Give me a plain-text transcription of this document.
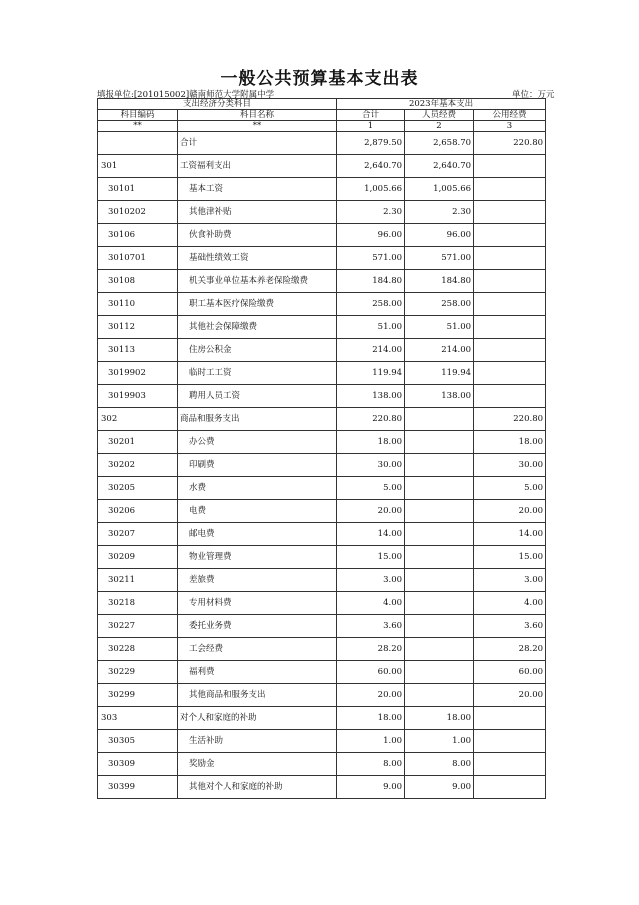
一般公共预算基本支出表
填报单位:[201015002]赣南师范大学附属中学	单位：万元
支出经济分类科目		2023年基本支出		
科目编码	科目名称	合计	人员经费	公用经费
**	**	1	2	3
	合计	2,879.50	2,658.70	220.80
301	工资福利支出	2,640.70	2,640.70	
30101	基本工资	1,005.66	1,005.66	
3010202	其他津补贴	2.30	2.30	
30106	伙食补助费	96.00	96.00	
3010701	基础性绩效工资	571.00	571.00	
30108	机关事业单位基本养老保险缴费	184.80	184.80	
30110	职工基本医疗保险缴费	258.00	258.00	
30112	其他社会保障缴费	51.00	51.00	
30113	住房公积金	214.00	214.00	
3019902	临时工工资	119.94	119.94	
3019903	聘用人员工资	138.00	138.00	
302	商品和服务支出	220.80		220.80
30201	办公费	18.00		18.00
30202	印刷费	30.00		30.00
30205	水费	5.00		5.00
30206	电费	20.00		20.00
30207	邮电费	14.00		14.00
30209	物业管理费	15.00		15.00
30211	差旅费	3.00		3.00
30218	专用材料费	4.00		4.00
30227	委托业务费	3.60		3.60
30228	工会经费	28.20		28.20
30229	福利费	60.00		60.00
30299	其他商品和服务支出	20.00		20.00
303	对个人和家庭的补助	18.00	18.00	
30305	生活补助	1.00	1.00	
30309	奖励金	8.00	8.00	
30399	其他对个人和家庭的补助	9.00	9.00	
